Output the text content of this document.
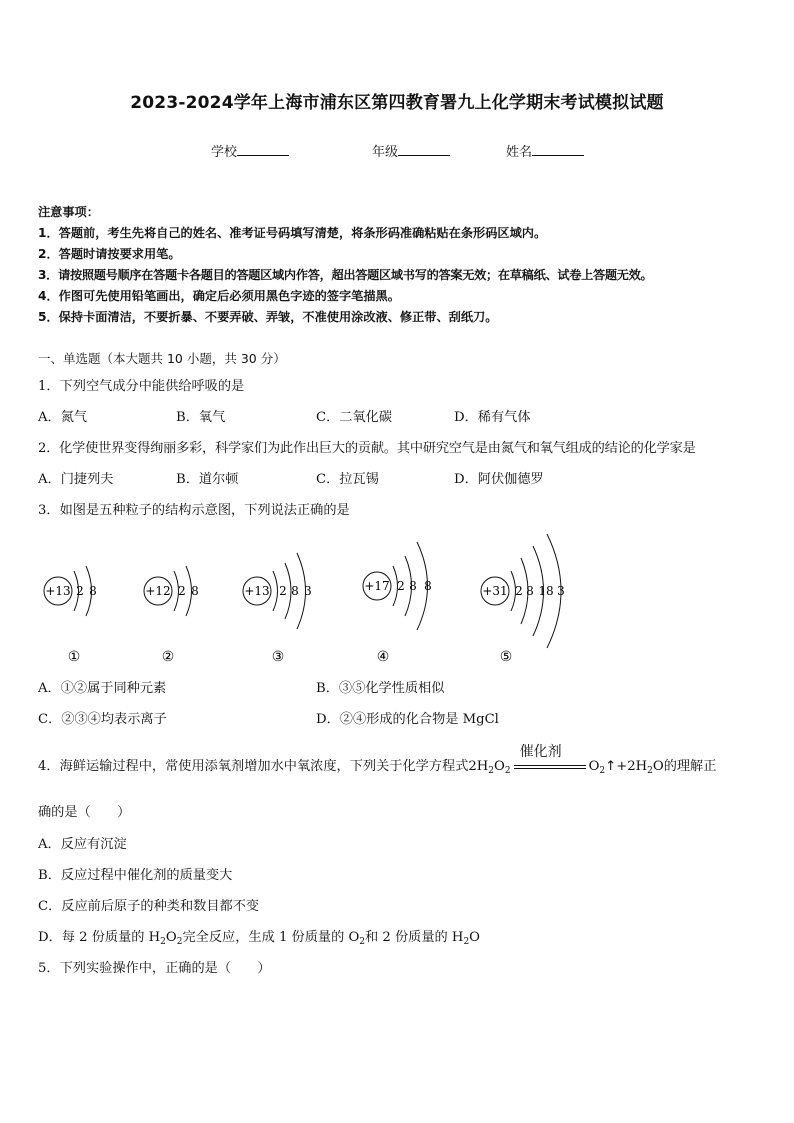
2023-2024学年上海市浦东区第四教育署九上化学期末考试模拟试题
学校	年级	姓名
注意事项：
1．答题前，考生先将自己的姓名、准考证号码填写清楚，将条形码准确粘贴在条形码区域内。
2．答题时请按要求用笔。
3．请按照题号顺序在答题卡各题目的答题区域内作答，超出答题区域书写的答案无效；在草稿纸、试卷上答题无效。
4．作图可先使用铅笔画出，确定后必须用黑色字迹的签字笔描黑。
5．保持卡面清洁，不要折暴、不要弄破、弄皱，不准使用涂改液、修正带、刮纸刀。
一、单选题（本大题共 10 小题，共 30 分）
1．下列空气成分中能供给呼吸的是
A．氮气	B．氧气	C．二氧化碳	D．稀有气体
2．化学使世界变得绚丽多彩，科学家们为此作出巨大的贡献。其中研究空气是由氮气和氧气组成的结论的化学家是
A．门捷列夫	B．道尔顿	C．拉瓦锡	D．阿伏伽德罗
3．如图是五种粒子的结构示意图，下列说法正确的是
+13 2 8
①
+12 2 8
②
+13 2 8 3
③
+17 2 8 8
④
+31 2 8 18 3
⑤
A．①②属于同种元素	B．③⑤化学性质相似
C．②③④均表示离子	D．②④形成的化合物是 MgCl
4．海鲜运输过程中，常使用添氧剂增加水中氧浓度，下列关于化学方程式$2H_2O_2$
催化剂
$O_2↑+2H_2O$的理解正
确的是（　　）
A．反应有沉淀
B．反应过程中催化剂的质量变大
C．反应前后原子的种类和数目都不变
D．每 2 份质量的 $H_2O_2$完全反应，生成 1 份质量的 $O_2$和 2 份质量的 $H_2O$
5．下列实验操作中，正确的是（　　）
